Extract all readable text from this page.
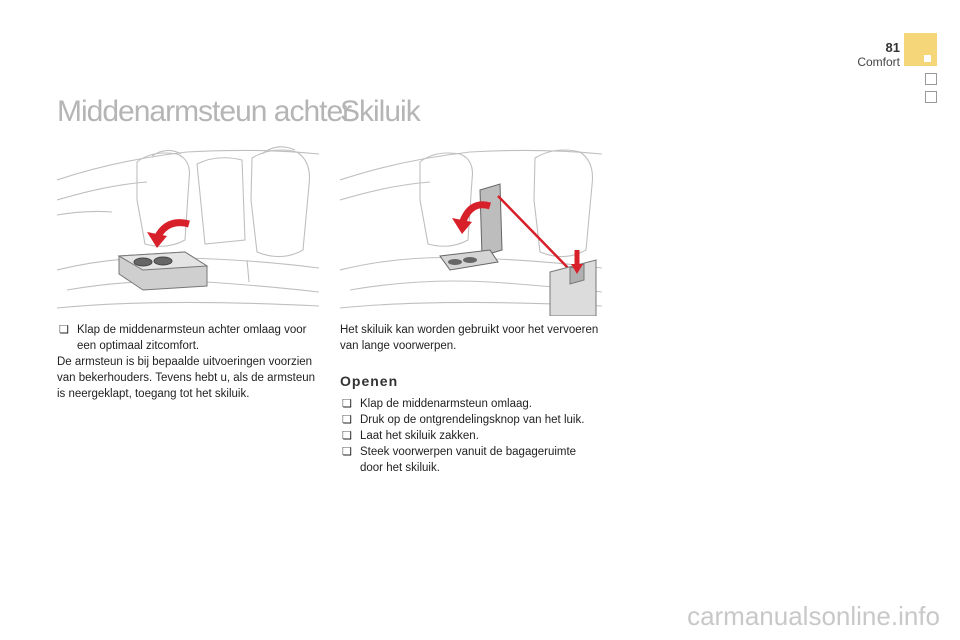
81
Comfort
Middenarmsteun achter
❏ Klap de middenarmsteun achter omlaag voor een optimaal zitcomfort.
De armsteun is bij bepaalde uitvoeringen voorzien van bekerhouders. Tevens hebt u, als de armsteun is neergeklapt, toegang tot het skiluik.
Skiluik
Het skiluik kan worden gebruikt voor het vervoeren van lange voorwerpen.
Openen
❏ Klap de middenarmsteun omlaag.
❏ Druk op de ontgrendelingsknop van het luik.
❏ Laat het skiluik zakken.
❏ Steek voorwerpen vanuit de bagageruimte door het skiluik.
carmanualsonline.info
